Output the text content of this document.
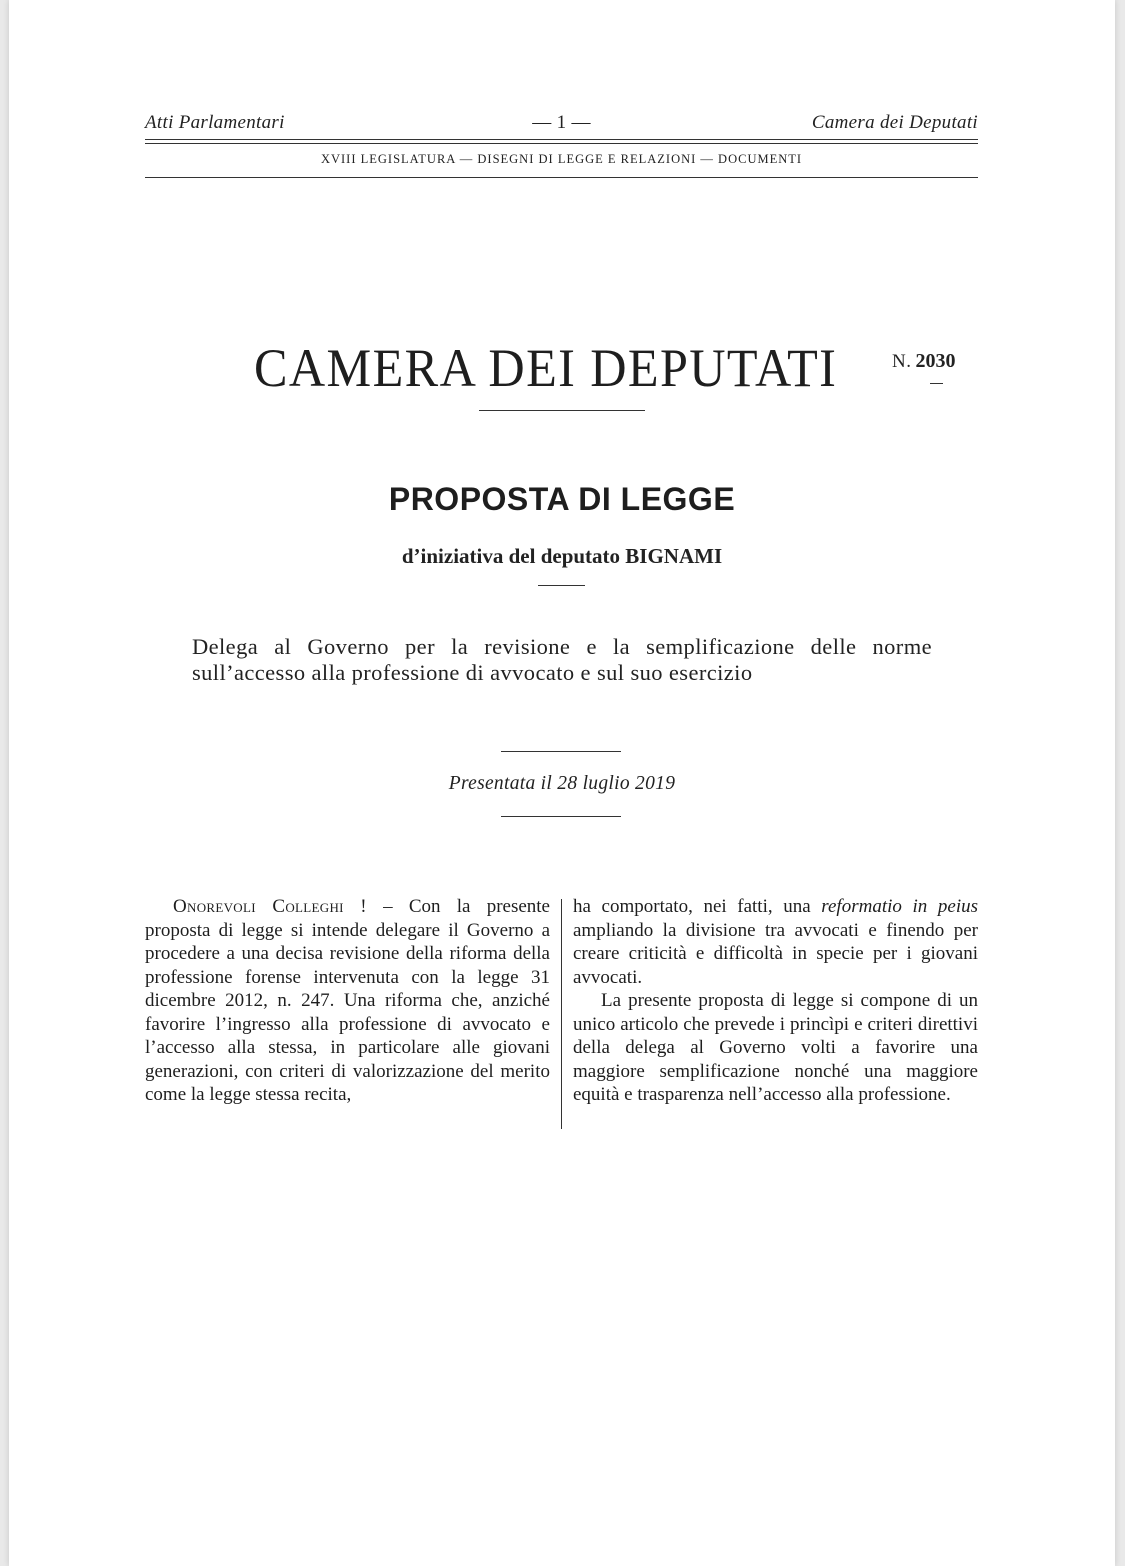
Atti Parlamentari	— 1 —	Camera dei Deputati
XVIII LEGISLATURA — DISEGNI DI LEGGE E RELAZIONI — DOCUMENTI
CAMERA DEI DEPUTATI	N. 2030
PROPOSTA DI LEGGE
d’iniziativa del deputato BIGNAMI
Delega al Governo per la revisione e la semplificazione delle norme sull’accesso alla professione di avvocato e sul suo esercizio
Presentata il 28 luglio 2019

Onorevoli Colleghi ! – Con la presente proposta di legge si intende delegare il Governo a procedere a una decisa revisione della riforma della professione forense intervenuta con la legge 31 dicembre 2012, n. 247. Una riforma che, anziché favorire l’ingresso alla professione di avvocato e l’accesso alla stessa, in particolare alle giovani generazioni, con criteri di valorizzazione del merito come la legge stessa recita,

ha comportato, nei fatti, una reformatio in peius ampliando la divisione tra avvocati e finendo per creare criticità e difficoltà in specie per i giovani avvocati.

La presente proposta di legge si compone di un unico articolo che prevede i princìpi e criteri direttivi della delega al Governo volti a favorire una maggiore semplificazione nonché una maggiore equità e trasparenza nell’accesso alla professione.
